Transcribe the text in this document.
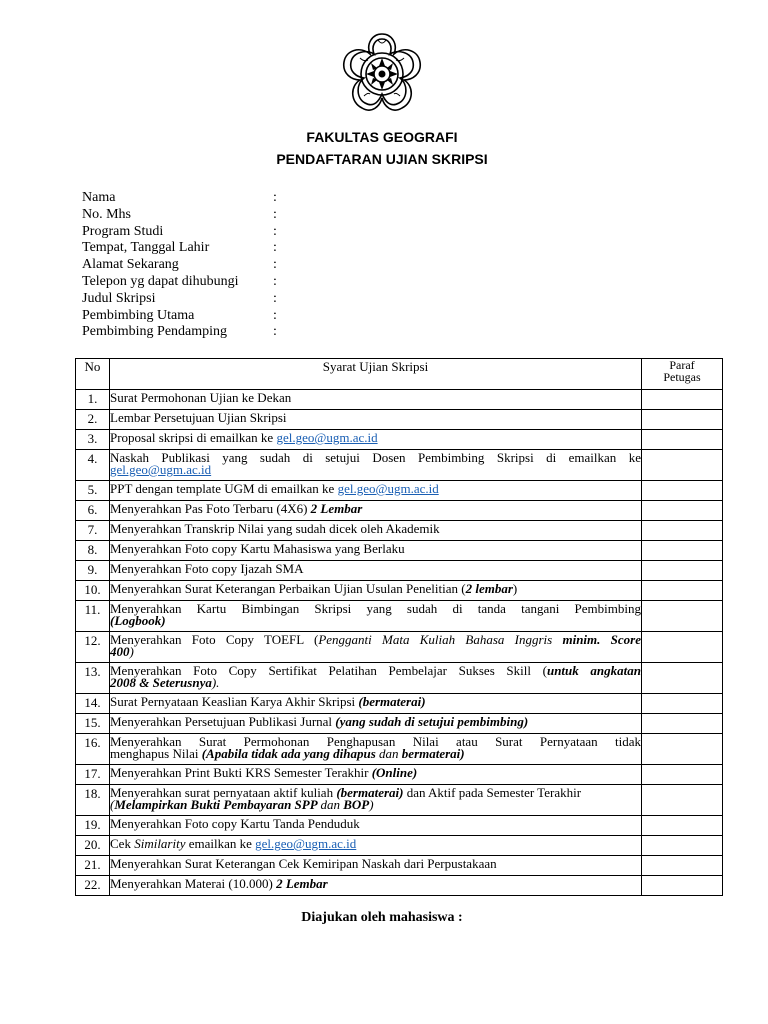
FAKULTAS GEOGRAFI
PENDAFTARAN UJIAN SKRIPSI
Nama	:
No. Mhs	:
Program Studi	:
Tempat, Tanggal Lahir	:
Alamat Sekarang	:
Telepon yg dapat dihubungi :
Judul Skripsi	:
Pembimbing Utama	:
Pembimbing Pendamping	:
No	Syarat Ujian Skripsi	Paraf
Petugas
1.	Surat Permohonan Ujian ke Dekan	

2.	Lembar Persetujuan Ujian Skripsi	

3.	Proposal skripsi di emailkan ke gel.geo@ugm.ac.id	

4.	Naskah Publikasi yang sudah di setujui Dosen Pembimbing Skripsi di emailkan ke
gel.geo@ugm.ac.id	

5.	PPT dengan template UGM di emailkan ke gel.geo@ugm.ac.id	

6.	Menyerahkan Pas Foto Terbaru (4X6) 2 Lembar	

7.	Menyerahkan Transkrip Nilai yang sudah dicek oleh Akademik	

8.	Menyerahkan Foto copy Kartu Mahasiswa yang Berlaku	

9.	Menyerahkan Foto copy Ijazah SMA	

10.	Menyerahkan Surat Keterangan Perbaikan Ujian Usulan Penelitian (2 lembar)	

11.	Menyerahkan Kartu Bimbingan Skripsi yang sudah di tanda tangani Pembimbing
(Logbook)	

12.	Menyerahkan Foto Copy TOEFL (Pengganti Mata Kuliah Bahasa Inggris minim. Score
400)	

13.	Menyerahkan Foto Copy Sertifikat Pelatihan Pembelajar Sukses Skill (untuk angkatan
2008 & Seterusnya).	

14.	Surat Pernyataan Keaslian Karya Akhir Skripsi (bermaterai)	

15.	Menyerahkan Persetujuan Publikasi Jurnal (yang sudah di setujui pembimbing)	

16.	Menyerahkan Surat Permohonan Penghapusan Nilai atau Surat Pernyataan tidak
menghapus Nilai (Apabila tidak ada yang dihapus dan bermaterai)	

17.	Menyerahkan Print Bukti KRS Semester Terakhir (Online)	

18.	Menyerahkan surat pernyataan aktif kuliah (bermaterai) dan Aktif pada Semester Terakhir
(Melampirkan Bukti Pembayaran SPP dan BOP)	

19.	Menyerahkan Foto copy Kartu Tanda Penduduk	

20.	Cek Similarity emailkan ke gel.geo@ugm.ac.id	

21.	Menyerahkan Surat Keterangan Cek Kemiripan Naskah dari Perpustakaan	

22.	Menyerahkan Materai (10.000) 2 Lembar	

Diajukan oleh mahasiswa :
